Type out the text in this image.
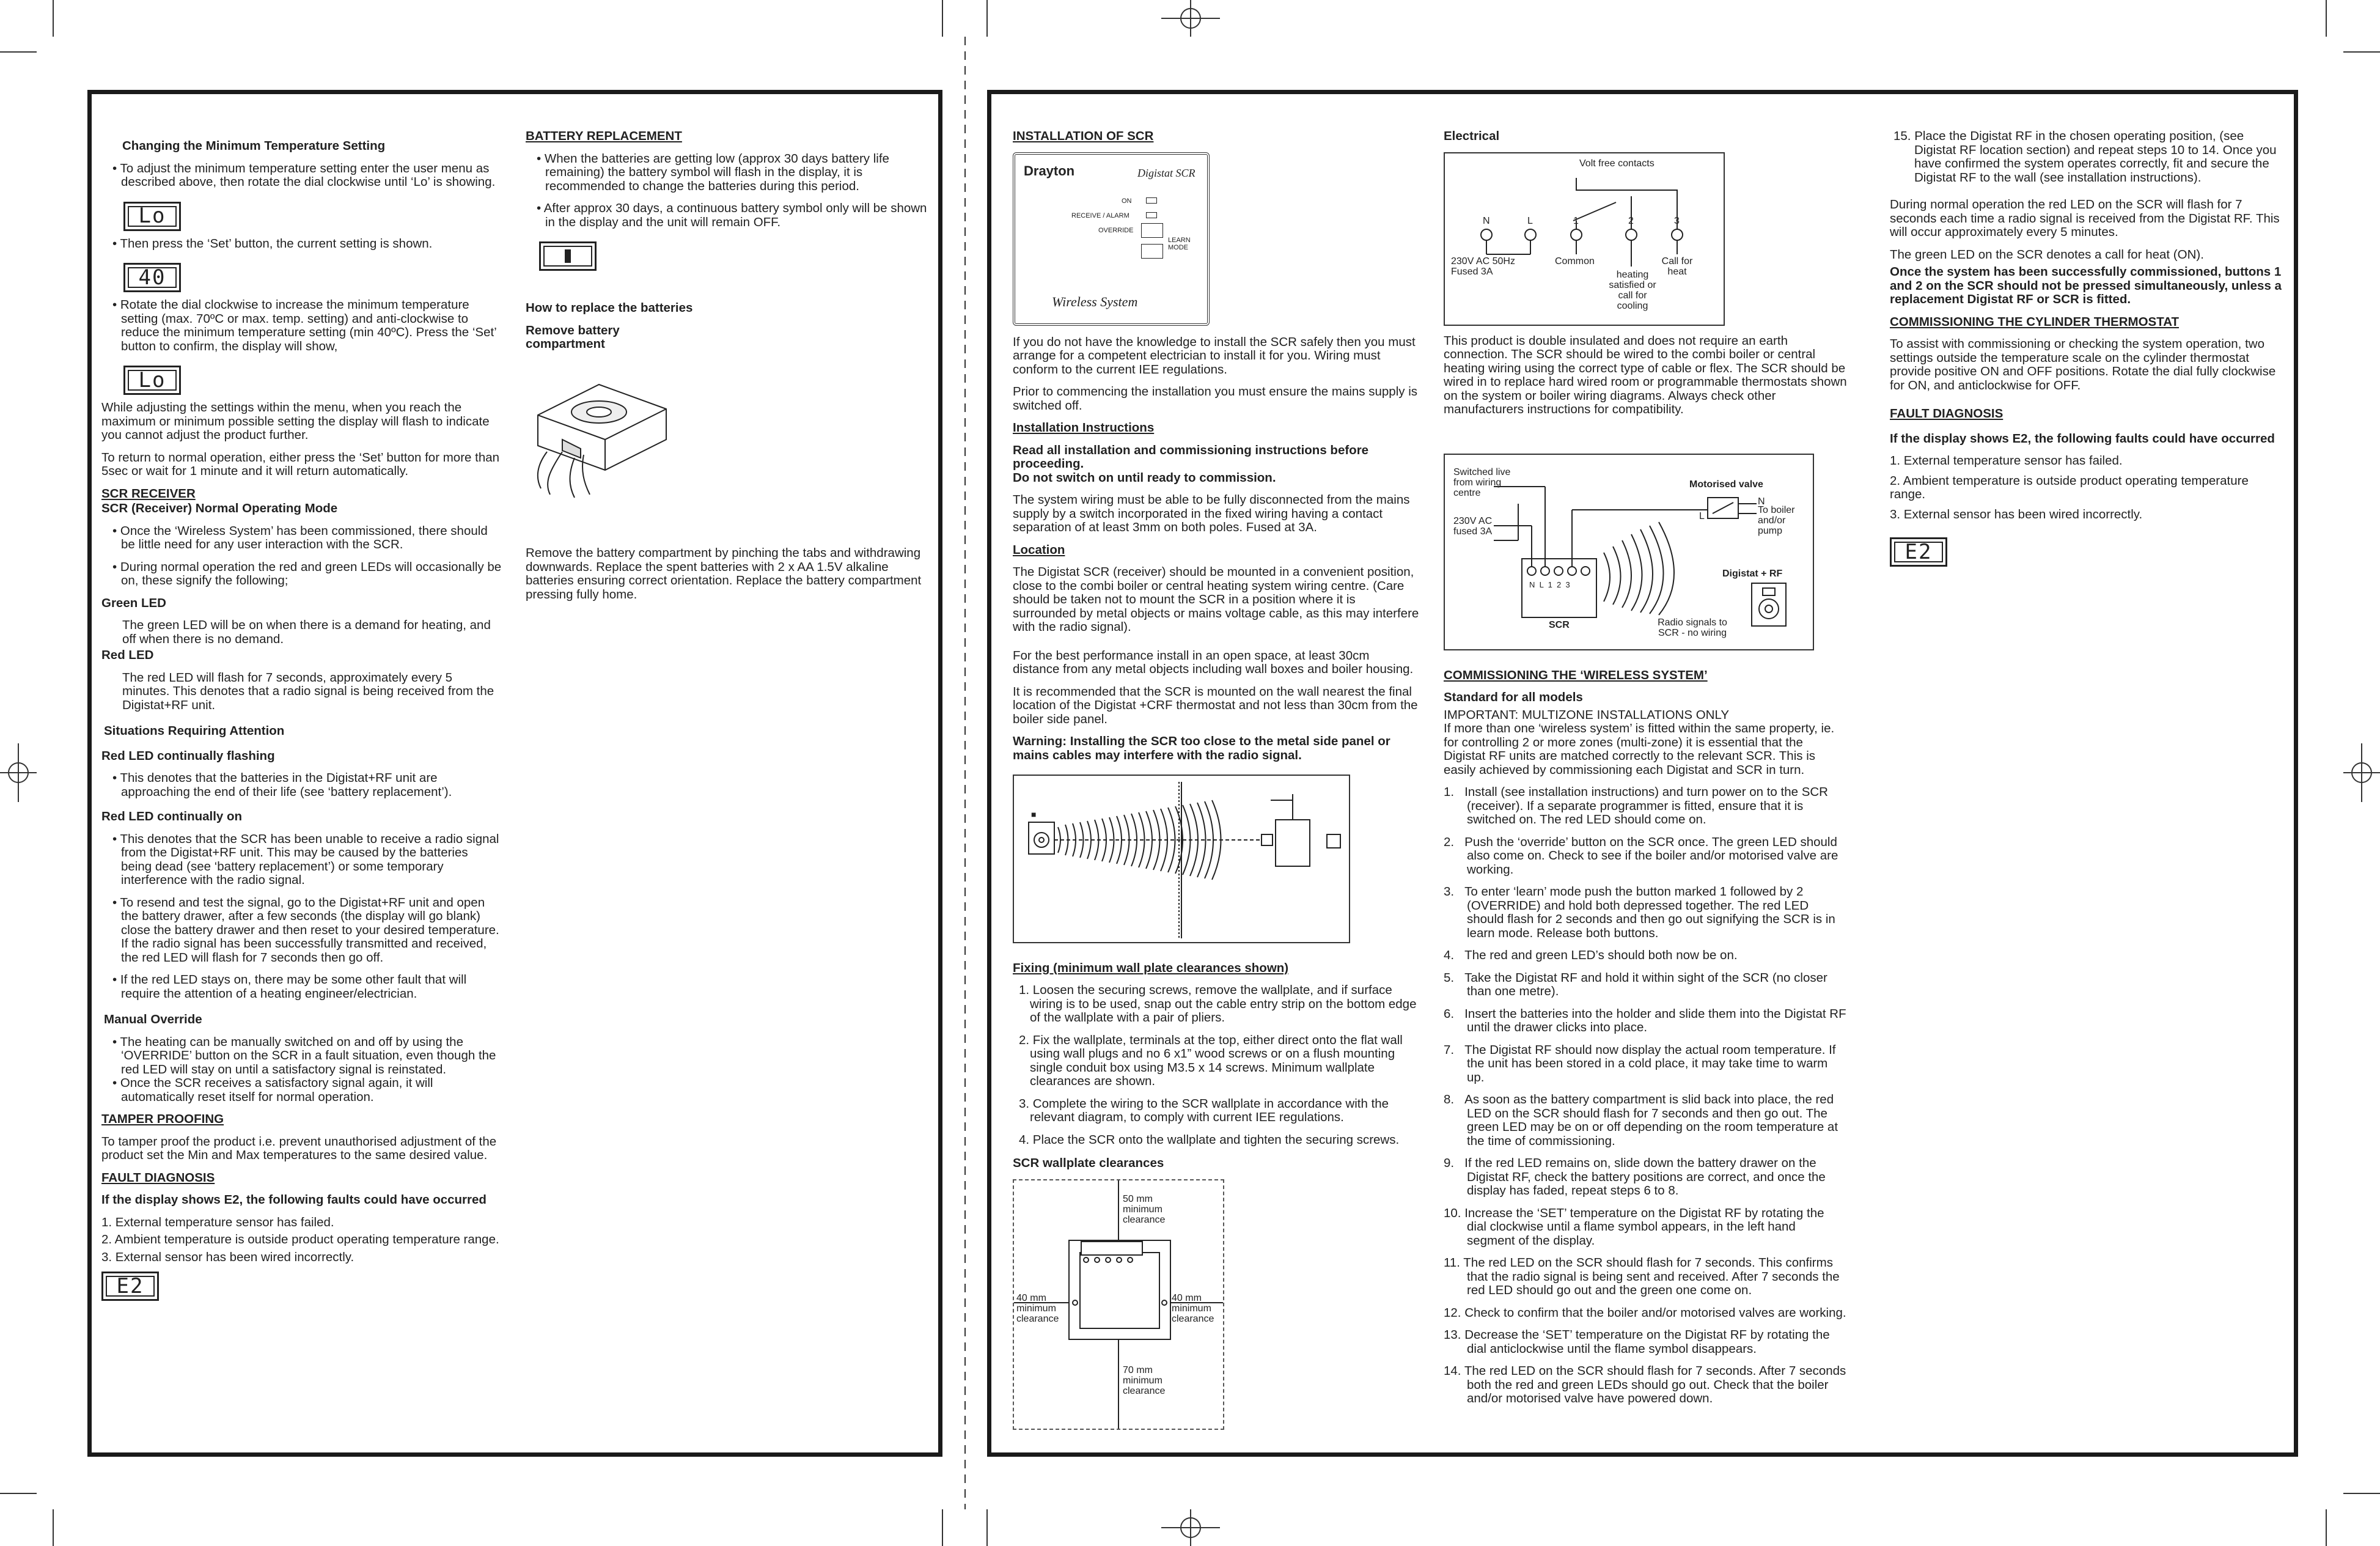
Changing the Minimum Temperature Setting

• To adjust the minimum temperature setting enter the user menu as described above, then rotate the dial clockwise until ‘Lo’ is showing.

Lo

• Then press the ‘Set’ button, the current setting is shown.

40

• Rotate the dial clockwise to increase the minimum temperature setting (max. 70ºC or max. temp. setting) and anti-clockwise to reduce the minimum temperature setting (min 40ºC). Press the ‘Set’ button to confirm, the display will show,

Lo

While adjusting the settings within the menu, when you reach the maximum or minimum possible setting the display will flash to indicate you cannot adjust the product further.

To return to normal operation, either press the ‘Set’ button for more than 5sec or wait for 1 minute and it will return automatically.

SCR RECEIVER

SCR (Receiver) Normal Operating Mode

• Once the ‘Wireless System’ has been commissioned, there should be little need for any user interaction with the SCR.

• During normal operation the red and green LEDs will occasionally be on, these signify the following;

Green LED

The green LED will be on when there is a demand for heating, and off when there is no demand.

Red LED

The red LED will flash for 7 seconds, approximately every 5 minutes. This denotes that a radio signal is being received from the Digistat+RF unit.

Situations Requiring Attention

Red LED continually flashing

• This denotes that the batteries in the Digistat+RF unit are approaching the end of their life (see ‘battery replacement’).

Red LED continually on

• This denotes that the SCR has been unable to receive a radio signal from the Digistat+RF unit. This may be caused by the batteries being dead (see ‘battery replacement’) or some temporary interference with the radio signal.

• To resend and test the signal, go to the Digistat+RF unit and open the battery drawer, after a few seconds (the display will go blank) close the battery drawer and then reset to your desired temperature. If the radio signal has been successfully transmitted and received, the red LED will flash for 7 seconds then go off.

• If the red LED stays on, there may be some other fault that will require the attention of a heating engineer/electrician.

Manual Override

• The heating can be manually switched on and off by using the ‘OVERRIDE’ button on the SCR in a fault situation, even though the red LED will stay on until a satisfactory signal is reinstated.

• Once the SCR receives a satisfactory signal again, it will automatically reset itself for normal operation.

TAMPER PROOFING

To tamper proof the product i.e. prevent unauthorised adjustment of the product set the Min and Max temperatures to the same desired value.

FAULT DIAGNOSIS

If the display shows E2, the following faults could have occurred

1. External temperature sensor has failed.

2. Ambient temperature is outside product operating temperature range.

3. External sensor has been wired incorrectly.

E2

BATTERY REPLACEMENT

• When the batteries are getting low (approx 30 days battery life remaining) the battery symbol will flash in the display, it is recommended to change the batteries during this period.

• After approx 30 days, a continuous battery symbol only will be shown in the display and the unit will remain OFF.

How to replace the batteries

Remove battery compartment

Remove the battery compartment by pinching the tabs and withdrawing downwards. Replace the spent batteries with 2 x AA 1.5V alkaline batteries ensuring correct orientation. Replace the battery compartment pressing fully home.

INSTALLATION OF SCR

Drayton	Digistat SCR
ON
RECEIVE / ALARM
OVERRIDE
LEARN MODE
Wireless System

If you do not have the knowledge to install the SCR safely then you must arrange for a competent electrician to install it for you. Wiring must conform to the current IEE regulations.

Prior to commencing the installation you must ensure the mains supply is switched off.

Installation Instructions

Read all installation and commissioning instructions before proceeding.

Do not switch on until ready to commission.

The system wiring must be able to be fully disconnected from the mains supply by a switch incorporated in the fixed wiring having a contact separation of at least 3mm on both poles. Fused at 3A.

Location

The Digistat SCR (receiver) should be mounted in a convenient position, close to the combi boiler or central heating system wiring centre. (Care should be taken not to mount the SCR in a position where it is surrounded by metal objects or mains voltage cable, as this may interfere with the radio signal).

For the best performance install in an open space, at least 30cm distance from any metal objects including wall boxes and boiler housing.

It is recommended that the SCR is mounted on the wall nearest the final location of the Digistat +CRF thermostat and not less than 30cm from the boiler side panel.

Warning: Installing the SCR too close to the metal side panel or mains cables may interfere with the radio signal.

■

Fixing (minimum wall plate clearances shown)

1. Loosen the securing screws, remove the wallplate, and if surface wiring is to be used, snap out the cable entry strip on the bottom edge of the wallplate with a pair of pliers.

2. Fix the wallplate, terminals at the top, either direct onto the flat wall using wall plugs and no 6 x1” wood screws or on a flush mounting single conduit box using M3.5 x 14 screws. Minimum wallplate clearances are shown.

3. Complete the wiring to the SCR wallplate in accordance with the relevant diagram, to comply with current IEE regulations.

4. Place the SCR onto the wallplate and tighten the securing screws.

SCR wallplate clearances

50 mm minimum clearance
40 mm minimum clearance
40 mm minimum clearance
70 mm minimum clearance

Electrical

Volt free contacts
N	L	1	2	3
230V AC 50Hz Fused 3A
Common
heating satisfied or call for cooling
Call for heat

This product is double insulated and does not require an earth connection. The SCR should be wired to the combi boiler or central heating wiring using the correct type of cable or flex. The SCR should be wired in to replace hard wired room or programmable thermostats shown on the system or boiler wiring diagrams. Always check other manufacturers instructions for compatibility.

Switched live from wiring centre
230V AC fused 3A
Motorised valve
N
L
To boiler and/or pump
Digistat + RF
N  L  1  2  3
SCR	Radio signals to SCR - no wiring

COMMISSIONING THE ‘WIRELESS SYSTEM’

Standard for all models

IMPORTANT: MULTIZONE INSTALLATIONS ONLY

If more than one ‘wireless system’ is fitted within the same property, ie. for controlling 2 or more zones (multi-zone) it is essential that the Digistat RF units are matched correctly to the relevant SCR. This is easily achieved by commissioning each Digistat and SCR in turn.

1.   Install (see installation instructions) and turn power on to the SCR (receiver). If a separate programmer is fitted, ensure that it is switched on. The red LED should come on.

2.   Push the ‘override’ button on the SCR once. The green LED should also come on. Check to see if the boiler and/or motorised valve are working.

3.   To enter ‘learn’ mode push the button marked 1 followed by 2 (OVERRIDE) and hold both depressed together. The red LED should flash for 2 seconds and then go out signifying the SCR is in learn mode. Release both buttons.

4.   The red and green LED’s should both now be on.

5.   Take the Digistat RF and hold it within sight of the SCR (no closer than one metre).

6.   Insert the batteries into the holder and slide them into the Digistat RF until the drawer clicks into place.

7.   The Digistat RF should now display the actual room temperature. If the unit has been stored in a cold place, it may take time to warm up.

8.   As soon as the battery compartment is slid back into place, the red LED on the SCR should flash for 7 seconds and then go out. The green LED may be on or off depending on the room temperature at the time of commissioning.

9.   If the red LED remains on, slide down the battery drawer on the Digistat RF, check the battery positions are correct, and once the display has faded, repeat steps 6 to 8.

10. Increase the ‘SET’ temperature on the Digistat RF by rotating the dial clockwise until a flame symbol appears, in the left hand segment of the display.

11. The red LED on the SCR should flash for 7 seconds. This confirms that the radio signal is being sent and received. After 7 seconds the red LED should go out and the green one come on.

12. Check to confirm that the boiler and/or motorised valves are working.

13. Decrease the ‘SET’ temperature on the Digistat RF by rotating the dial anticlockwise until the flame symbol disappears.

14. The red LED on the SCR should flash for 7 seconds. After 7 seconds both the red and green LEDs should go out. Check that the boiler and/or motorised valve have powered down.

15. Place the Digistat RF in the chosen operating position, (see Digistat RF location section) and repeat steps 10 to 14. Once you have confirmed the system operates correctly, fit and secure the Digistat RF to the wall (see installation instructions).

During normal operation the red LED on the SCR will flash for 7 seconds each time a radio signal is received from the Digistat RF. This will occur approximately every 5 minutes.

The green LED on the SCR denotes a call for heat (ON).

Once the system has been successfully commissioned, buttons 1 and 2 on the SCR should not be pressed simultaneously, unless a replacement Digistat RF or SCR is fitted.

COMMISSIONING THE CYLINDER THERMOSTAT

To assist with commissioning or checking the system operation, two settings outside the temperature scale on the cylinder thermostat provide positive ON and OFF positions. Rotate the dial fully clockwise for ON, and anticlockwise for OFF.

FAULT DIAGNOSIS

If the display shows E2, the following faults could have occurred

1. External temperature sensor has failed.

2. Ambient temperature is outside product operating temperature range.

3. External sensor has been wired incorrectly.

E2
